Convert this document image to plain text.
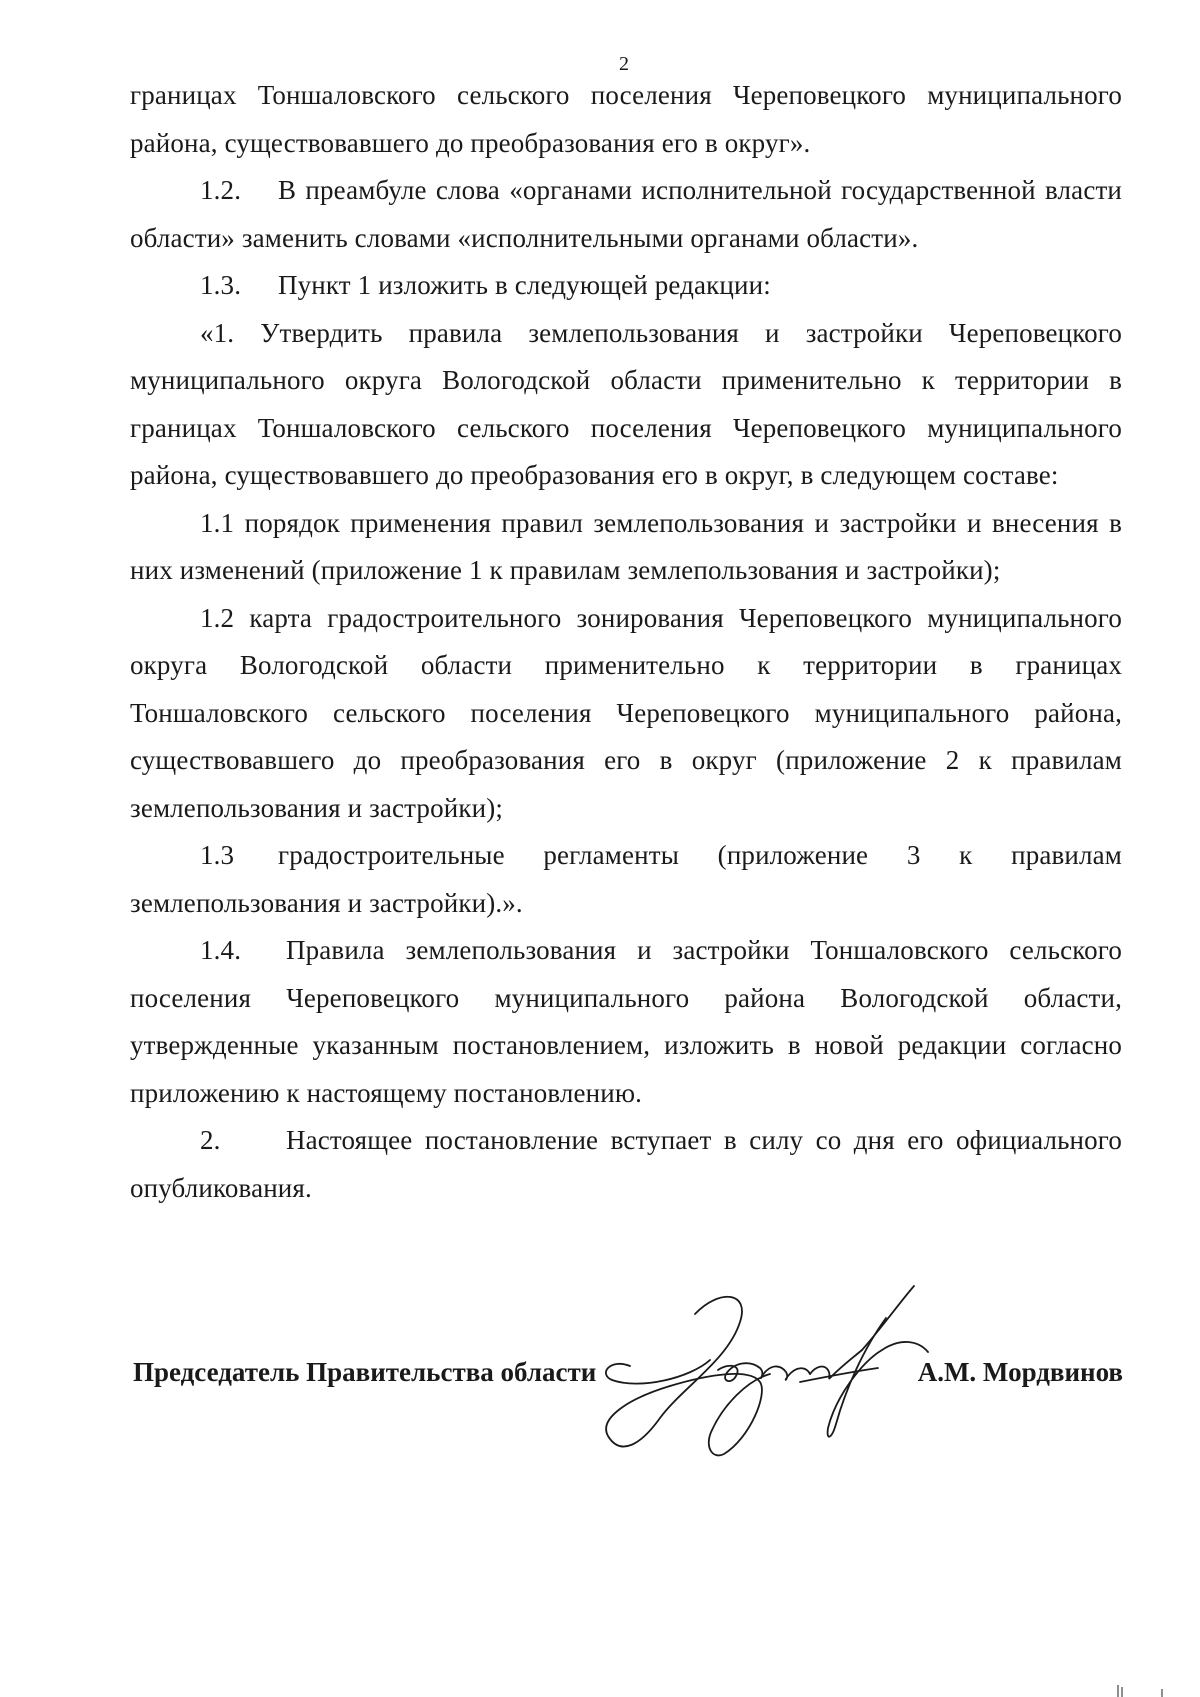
2

границах Тоншаловского сельского поселения Череповецкого муниципального района, существовавшего до преобразования его в округ».

1.2. В преамбуле слова «органами исполнительной государственной власти области» заменить словами «исполнительными органами области».

1.3. Пункт 1 изложить в следующей редакции:

«1. Утвердить правила землепользования и застройки Череповецкого муниципального округа Вологодской области применительно к территории в границах Тоншаловского сельского поселения Череповецкого муниципального района, существовавшего до преобразования его в округ, в следующем составе:

1.1 порядок применения правил землепользования и застройки и внесения в них изменений (приложение 1 к правилам землепользования и застройки);

1.2 карта градостроительного зонирования Череповецкого муниципального округа Вологодской области применительно к территории в границах Тоншаловского сельского поселения Череповецкого муниципального района, существовавшего до преобразования его в округ (приложение 2 к правилам землепользования и застройки);

1.3 градостроительные регламенты (приложение 3 к правилам землепользования и застройки).».

1.4. Правила землепользования и застройки Тоншаловского сельского поселения Череповецкого муниципального района Вологодской области, утвержденные указанным постановлением, изложить в новой редакции согласно приложению к настоящему постановлению.

2. Настоящее постановление вступает в силу со дня его официального опубликования.

Председатель Правительства области	А.М. Мордвинов
